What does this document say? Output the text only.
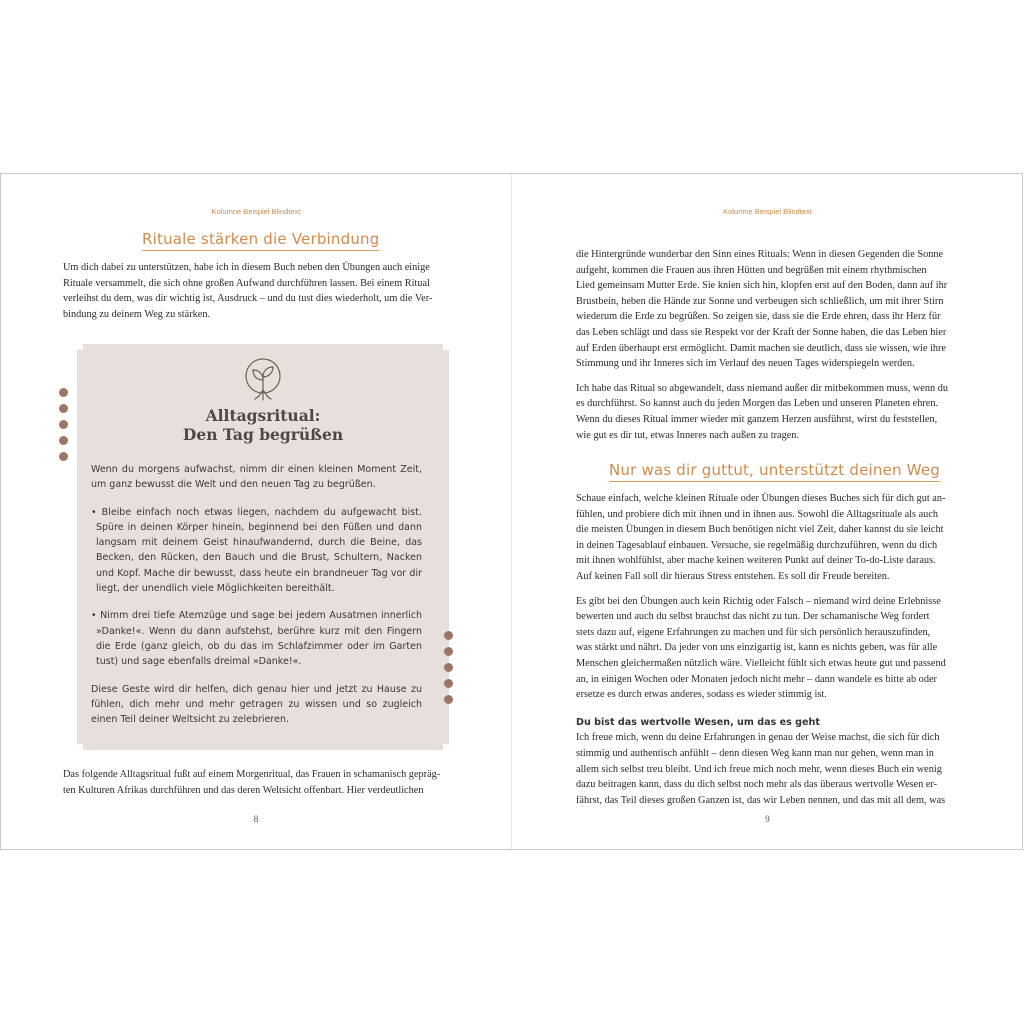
Kolumne Beispiel Blindtext
Rituale stärken die Verbindung
Um dich dabei zu unterstützen, habe ich in diesem Buch neben den Übungen auch einige
Rituale versammelt, die sich ohne großen Aufwand durchführen lassen. Bei einem Ritual
verleihst du dem, was dir wichtig ist, Ausdruck – und du tust dies wiederholt, um die Ver-
bindung zu deinem Weg zu stärken.
Alltagsritual:
Den Tag begrüßen

Wenn du morgens aufwachst, nimm dir einen kleinen Moment Zeit, um ganz bewusst die Welt und den neuen Tag zu begrüßen.

• Bleibe einfach noch etwas liegen, nachdem du aufgewacht bist. Spüre in deinen Körper hinein, beginnend bei den Füßen und dann langsam mit deinem Geist hinaufwandernd, durch die Beine, das Becken, den Rücken, den Bauch und die Brust, Schultern, Nacken und Kopf. Mache dir bewusst, dass heute ein brandneuer Tag vor dir liegt, der unendlich viele Möglichkeiten bereithält.

• Nimm drei tiefe Atemzüge und sage bei jedem Ausatmen innerlich »Danke!«. Wenn du dann aufstehst, berühre kurz mit den Fingern die Erde (ganz gleich, ob du das im Schlafzimmer oder im Garten tust) und sage ebenfalls dreimal »Danke!«.

Diese Geste wird dir helfen, dich genau hier und jetzt zu Hause zu fühlen, dich mehr und mehr getragen zu wissen und so zugleich einen Teil deiner Weltsicht zu zelebrieren.

Das folgende Alltagsritual fußt auf einem Morgenritual, das Frauen in schamanisch gepräg-
ten Kulturen Afrikas durchführen und das deren Weltsicht offenbart. Hier verdeutlichen
8
Kolumne Beispiel Blindtext

die Hintergründe wunderbar den Sinn eines Rituals: Wenn in diesen Gegenden die Sonne
aufgeht, kommen die Frauen aus ihren Hütten und begrüßen mit einem rhythmischen
Lied gemeinsam Mutter Erde. Sie knien sich hin, klopfen erst auf den Boden, dann auf ihr
Brustbein, heben die Hände zur Sonne und verbeugen sich schließlich, um mit ihrer Stirn
wiederum die Erde zu begrüßen. So zeigen sie, dass sie die Erde ehren, dass ihr Herz für
das Leben schlägt und dass sie Respekt vor der Kraft der Sonne haben, die das Leben hier
auf Erden überhaupt erst ermöglicht. Damit machen sie deutlich, dass sie wissen, wie ihre
Stimmung und ihr Inneres sich im Verlauf des neuen Tages widerspiegeln werden.

Ich habe das Ritual so abgewandelt, dass niemand außer dir mitbekommen muss, wenn du
es durchführst. So kannst auch du jeden Morgen das Leben und unseren Planeten ehren.
Wenn du dieses Ritual immer wieder mit ganzem Herzen ausführst, wirst du feststellen,
wie gut es dir tut, etwas Inneres nach außen zu tragen.

Nur was dir guttut, unterstützt deinen Weg

Schaue einfach, welche kleinen Rituale oder Übungen dieses Buches sich für dich gut an-
fühlen, und probiere dich mit ihnen und in ihnen aus. Sowohl die Alltagsrituale als auch
die meisten Übungen in diesem Buch benötigen nicht viel Zeit, daher kannst du sie leicht
in deinen Tagesablauf einbauen. Versuche, sie regelmäßig durchzuführen, wenn du dich
mit ihnen wohlfühlst, aber mache keinen weiteren Punkt auf deiner To-do-Liste daraus.
Auf keinen Fall soll dir hieraus Stress entstehen. Es soll dir Freude bereiten.

Es gibt bei den Übungen auch kein Richtig oder Falsch – niemand wird deine Erlebnisse
bewerten und auch du selbst brauchst das nicht zu tun. Der schamanische Weg fordert
stets dazu auf, eigene Erfahrungen zu machen und für sich persönlich herauszufinden,
was stärkt und nährt. Da jeder von uns einzigartig ist, kann es nichts geben, was für alle
Menschen gleichermaßen nützlich wäre. Vielleicht fühlt sich etwas heute gut und passend
an, in einigen Wochen oder Monaten jedoch nicht mehr – dann wandele es bitte ab oder
ersetze es durch etwas anderes, sodass es wieder stimmig ist.

Du bist das wertvolle Wesen, um das es geht
Ich freue mich, wenn du deine Erfahrungen in genau der Weise machst, die sich für dich
stimmig und authentisch anfühlt – denn diesen Weg kann man nur gehen, wenn man in
allem sich selbst treu bleibt. Und ich freue mich noch mehr, wenn dieses Buch ein wenig
dazu beitragen kann, dass du dich selbst noch mehr als das überaus wertvolle Wesen er-
fährst, das Teil dieses großen Ganzen ist, das wir Leben nennen, und das mit all dem, was

9
